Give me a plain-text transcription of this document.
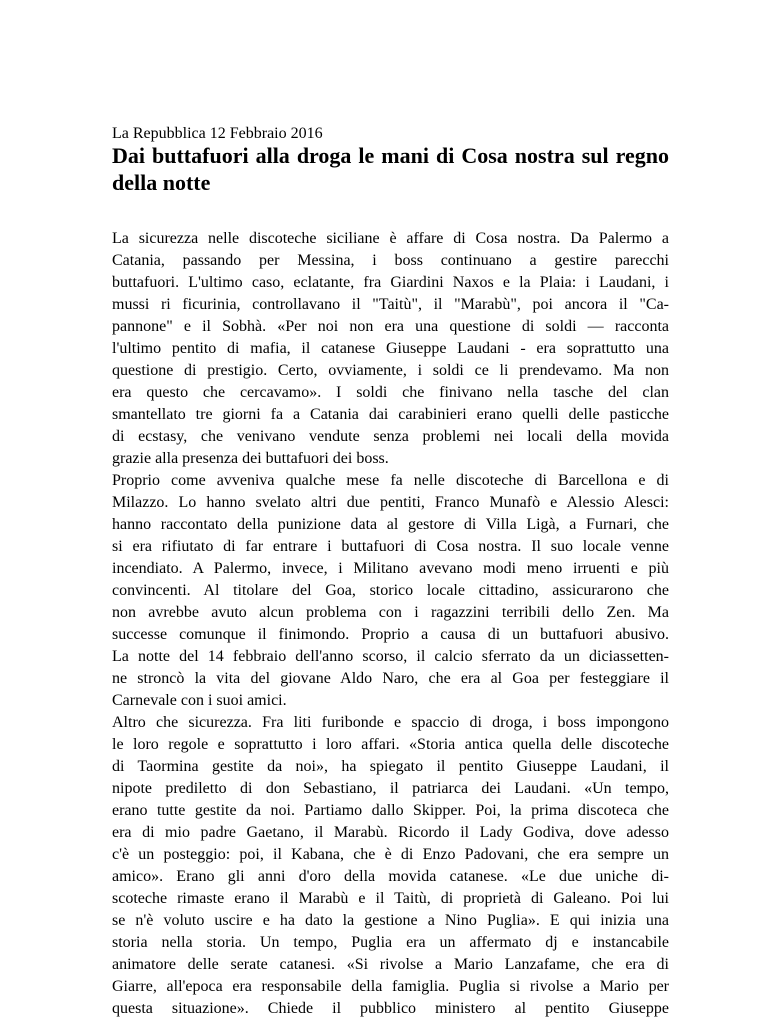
La Repubblica 12 Febbraio 2016

Dai buttafuori alla droga le mani di Cosa nostra sul regno della notte
La sicurezza nelle discoteche siciliane è affare di Cosa nostra. Da Palermo a
Catania, passando per Messina, i boss continuano a gestire parecchi
buttafuori. L'ultimo caso, eclatante, fra Giardini Naxos e la Plaia: i Laudani, i
mussi ri ficurinia, controllavano il "Taitù", il "Marabù", poi ancora il "Ca-
pannone" e il Sobhà. «Per noi non era una questione di soldi — racconta
l'ultimo pentito di mafia, il catanese Giuseppe Laudani - era soprattutto una
questione di prestigio. Certo, ovviamente, i soldi ce li prendevamo. Ma non
era questo che cercavamo». I soldi che finivano nella tasche del clan
smantellato tre giorni fa a Catania dai carabinieri erano quelli delle pasticche
di ecstasy, che venivano vendute senza problemi nei locali della movida
grazie alla presenza dei buttafuori dei boss.
Proprio come avveniva qualche mese fa nelle discoteche di Barcellona e di
Milazzo. Lo hanno svelato altri due pentiti, Franco Munafò e Alessio Alesci:
hanno raccontato della punizione data al gestore di Villa Ligà, a Furnari, che
si era rifiutato di far entrare i buttafuori di Cosa nostra. Il suo locale venne
incendiato. A Palermo, invece, i Militano avevano modi meno irruenti e più
convincenti. Al titolare del Goa, storico locale cittadino, assicurarono che
non avrebbe avuto alcun problema con i ragazzini terribili dello Zen. Ma
successe comunque il finimondo. Proprio a causa di un buttafuori abusivo.
La notte del 14 febbraio dell'anno scorso, il calcio sferrato da un diciassetten-
ne stroncò la vita del giovane Aldo Naro, che era al Goa per festeggiare il
Carnevale con i suoi amici.
Altro che sicurezza. Fra liti furibonde e spaccio di droga, i boss impongono
le loro regole e soprattutto i loro affari. «Storia antica quella delle discoteche
di Taormina gestite da noi», ha spiegato il pentito Giuseppe Laudani, il
nipote prediletto di don Sebastiano, il patriarca dei Laudani. «Un tempo,
erano tutte gestite da noi. Partiamo dallo Skipper. Poi, la prima discoteca che
era di mio padre Gaetano, il Marabù. Ricordo il Lady Godiva, dove adesso
c'è un posteggio: poi, il Kabana, che è di Enzo Padovani, che era sempre un
amico». Erano gli anni d'oro della movida catanese. «Le due uniche di-
scoteche rimaste erano il Marabù e il Taitù, di proprietà di Galeano. Poi lui
se n'è voluto uscire e ha dato la gestione a Nino Puglia». E qui inizia una
storia nella storia. Un tempo, Puglia era un affermato dj e instancabile
animatore delle serate catanesi. «Si rivolse a Mario Lanzafame, che era di
Giarre, all'epoca era responsabile della famiglia. Puglia si rivolse a Mario per
questa situazione». Chiede il pubblico ministero al pentito Giuseppe
